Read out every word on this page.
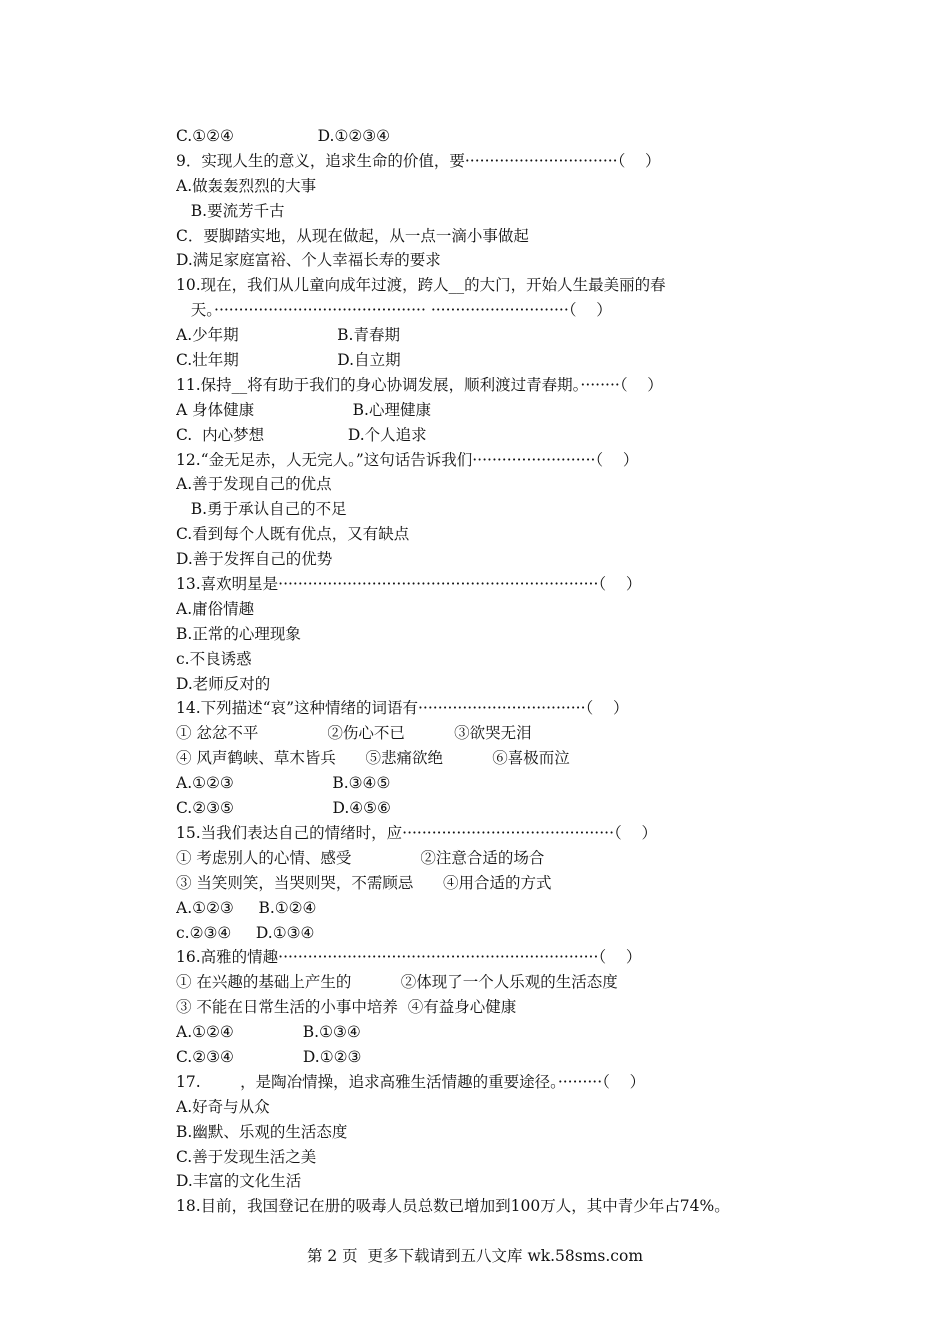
C.①②④                 D.①②③④
9．实现人生的意义，追求生命的价值，要·······························（    ）
A.做轰轰烈烈的大事
B.要流芳千古
C．要脚踏实地，从现在做起，从一点一滴小事做起
D.满足家庭富裕、个人幸福长寿的要求
10.现在，我们从儿童向成年过渡，跨人__的大门，开始人生最美丽的春
天。··········································· ····························（    ）
A.少年期                    B.青春期
C.壮年期                    D.自立期
11.保持__将有助于我们的身心协调发展，顺利渡过青春期。········（    ）
A 身体健康                    B.心理健康
C.  内心梦想                 D.个人追求
12.“金无足赤，人无完人。”这句话告诉我们·························（    ）
A.善于发现自己的优点
B.勇于承认自己的不足
C.看到每个人既有优点，又有缺点
D.善于发挥自己的优势
13.喜欢明星是·································································（    ）
A.庸俗情趣
B.正常的心理现象
c.不良诱惑
D.老师反对的
14.下列描述“哀”这种情绪的词语有··································（    ）
① 忿忿不平              ②伤心不已          ③欲哭无泪
④ 风声鹤峡、草木皆兵      ⑤悲痛欲绝          ⑥喜极而泣
A.①②③                    B.③④⑤
C.②③⑤                    D.④⑤⑥
15.当我们表达自己的情绪时，应···········································（    ）
① 考虑别人的心情、感受              ②注意合适的场合
③ 当笑则笑，当哭则哭，不需顾忌      ④用合适的方式
A.①②③     B.①②④
c.②③④     D.①③④
16.高雅的情趣·································································（    ）
① 在兴趣的基础上产生的          ②体现了一个人乐观的生活态度
③ 不能在日常生活的小事中培养  ④有益身心健康
A.①②④              B.①③④
C.②③④              D.①②③
17.        ，是陶冶情操，追求高雅生活情趣的重要途径。·········（    ）
A.好奇与从众
B.幽默、乐观的生活态度
C.善于发现生活之美
D.丰富的文化生活
18.目前，我国登记在册的吸毒人员总数已增加到100万人，其中青少年占74%。
第 2 页  更多下载请到五八文库 wk.58sms.com
